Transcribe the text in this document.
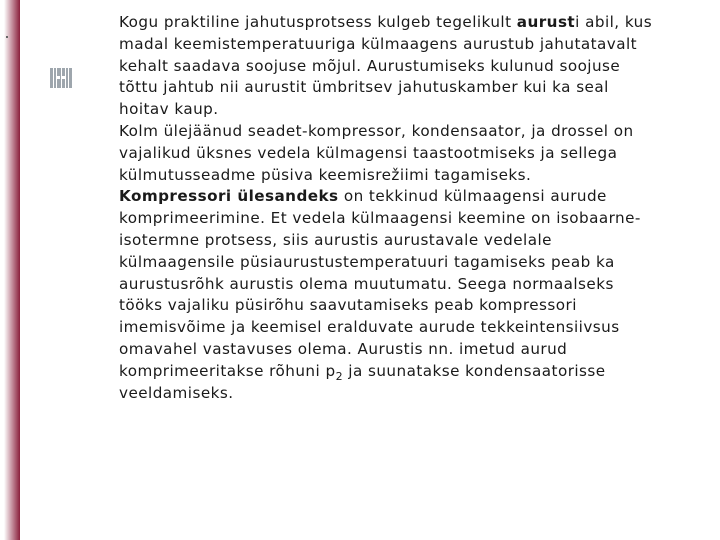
Kogu praktiline jahutusprotsess kulgeb tegelikult aurusti abil, kus madal keemistemperatuuriga külmaagens aurustub jahutatavalt kehalt saadava soojuse mõjul. Aurustumiseks kulunud soojuse tõttu jahtub nii aurustit ümbritsev jahutuskamber kui ka seal hoitav kaup.

Kolm ülejäänud seadet-kompressor, kondensaator, ja drossel on vajalikud üksnes vedela külmagensi taastootmiseks ja sellega külmutusseadme püsiva keemisrežiimi tagamiseks.

Kompressori ülesandeks on tekkinud külmaagensi aurude komprimeerimine. Et vedela külmaagensi keemine on isobaarne-isotermne protsess, siis aurustis aurustavale vedelale külmaagensile püsiaurustustemperatuuri tagamiseks peab ka aurustusrõhk aurustis olema muutumatu. Seega normaalseks tööks vajaliku püsirõhu saavutamiseks peab kompressori imemisvõime ja keemisel eralduvate aurude tekkeintensiivsus omavahel vastavuses olema. Aurustis nn. imetud aurud komprimeeritakse rõhuni $p_2$ ja suunatakse kondensaatorisse veeldamiseks.
